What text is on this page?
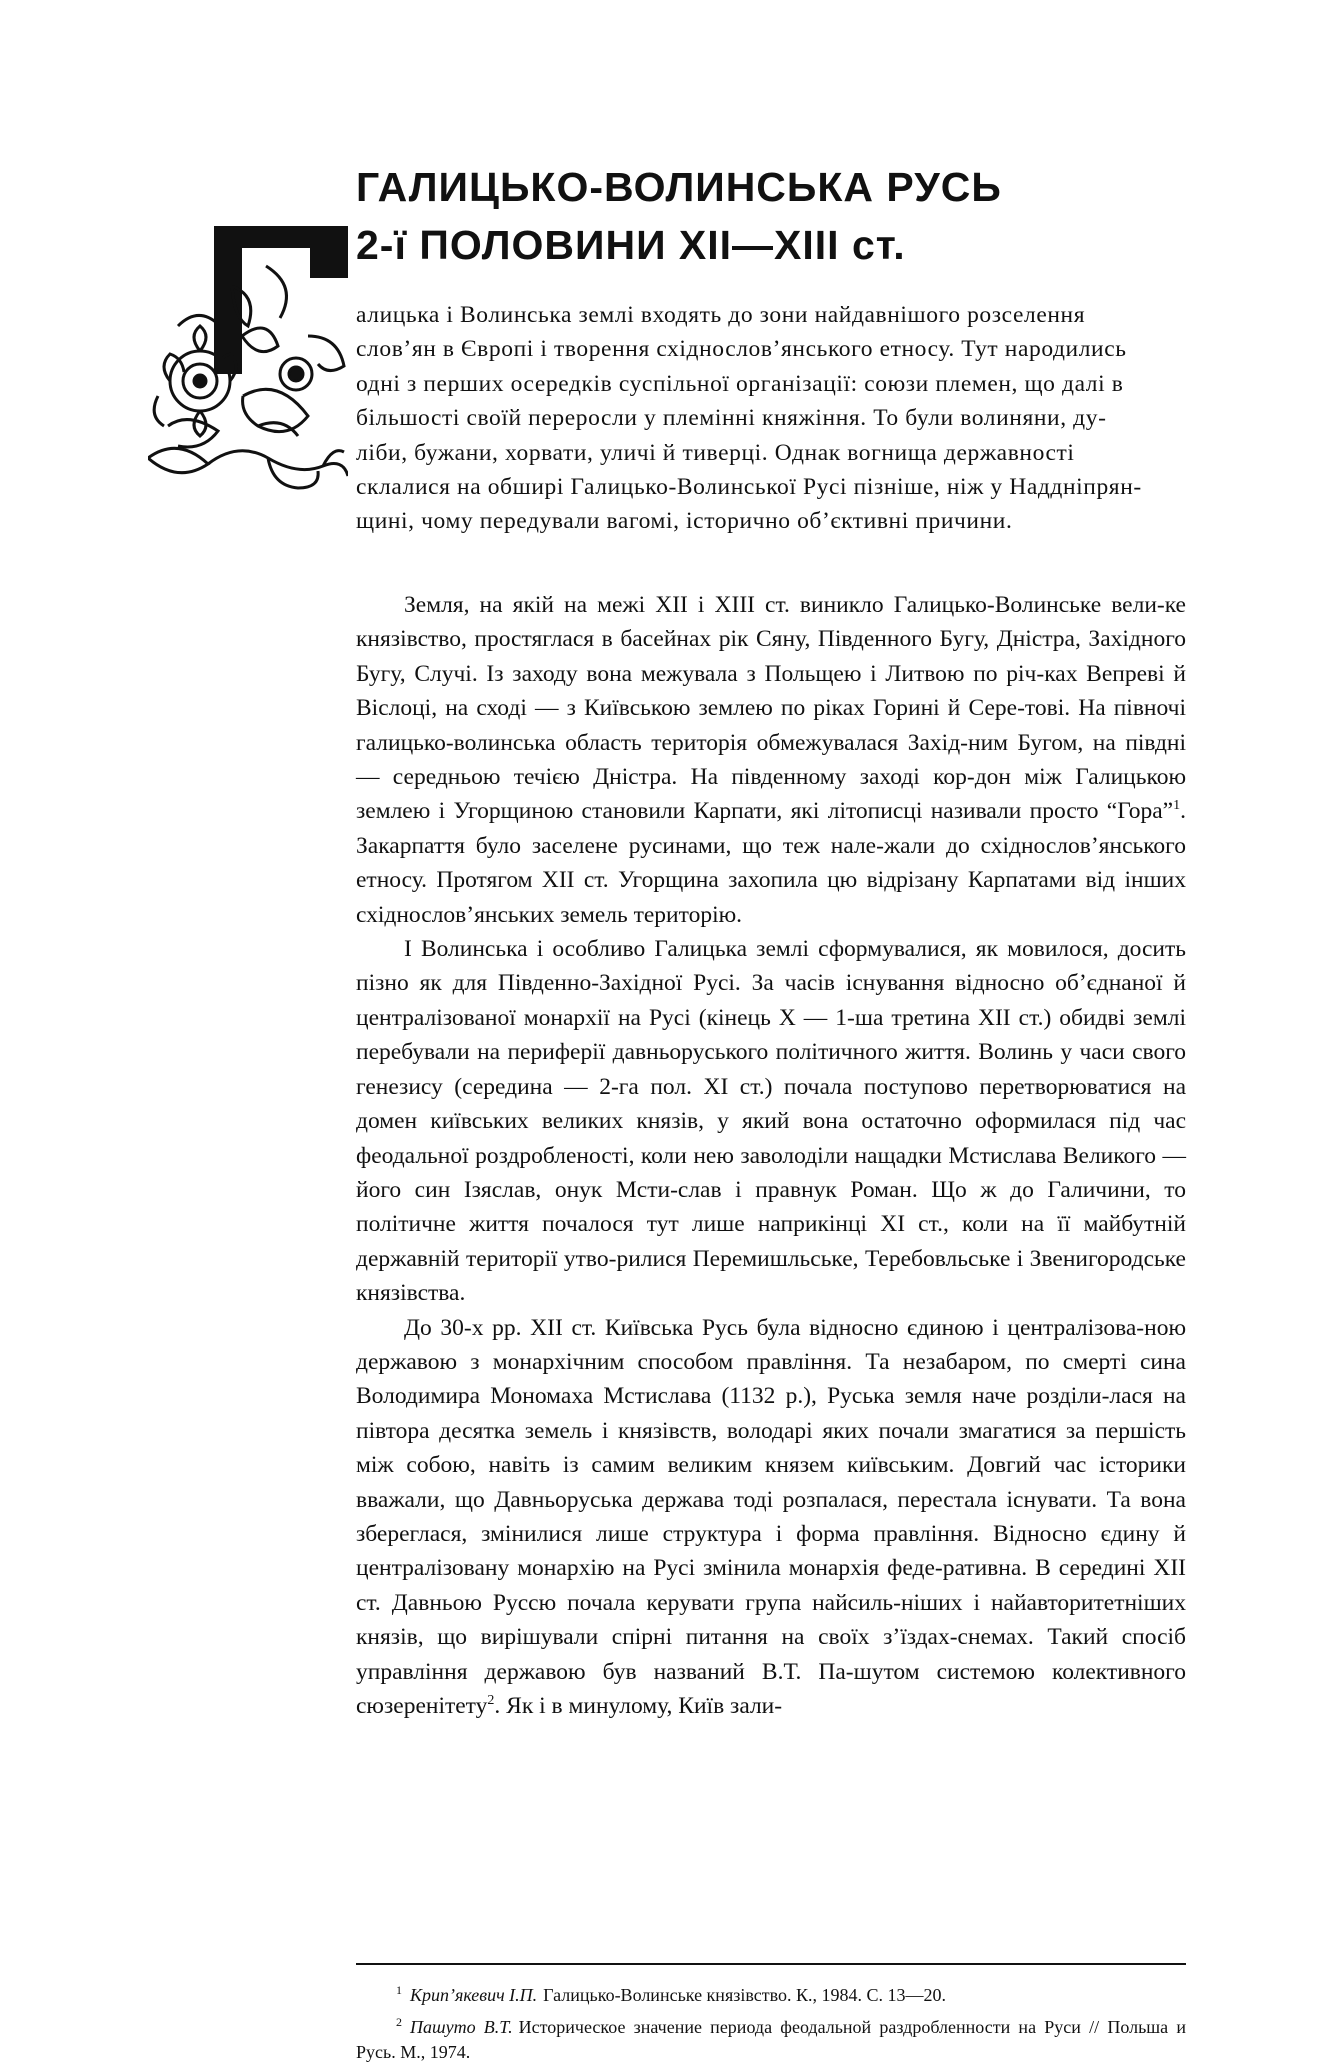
ГАЛИЦЬКО-ВОЛИНСЬКА РУСЬ
2-ї ПОЛОВИНИ XII—XIII ст.
алицька і Волинська землі входять до зони найдавнішого розселення
слов’ян в Європі і творення східнослов’янського етносу. Тут народились
одні з перших осередків суспільної організації: союзи племен, що далі в
більшості своїй переросли у племінні княжіння. То були волиняни, ду-
ліби, бужани, хорвати, уличі й тиверці. Однак вогнища державності
склалися на обширі Галицько-Волинської Русі пізніше, ніж у Наддніпрян-
щині, чому передували вагомі, історично об’єктивні причини.

Земля, на якій на межі XII і XIII ст. виникло Галицько-Волинське вели-ке князівство, простяглася в басейнах рік Сяну, Південного Бугу, Дністра, Західного Бугу, Случі. Із заходу вона межувала з Польщею і Литвою по річ-ках Вепреві й Віслоці, на сході — з Київською землею по ріках Горині й Сере-тові. На півночі галицько-волинська область територія обмежувалася Захід-ним Бугом, на півдні — середньою течією Дністра. На південному заході кор-дон між Галицькою землею і Угорщиною становили Карпати, які літописці називали просто “Гора”$^1$. Закарпаття було заселене русинами, що теж нале-жали до східнослов’янського етносу. Протягом XII ст. Угорщина захопила цю відрізану Карпатами від інших східнослов’янських земель територію.

І Волинська і особливо Галицька землі сформувалися, як мовилося, досить пізно як для Південно-Західної Русі. За часів існування відносно об’єднаної й централізованої монархії на Русі (кінець X — 1-ша третина XII ст.) обидві землі перебували на периферії давньоруського політичного життя. Волинь у часи свого генезису (середина — 2-га пол. XI ст.) почала поступово перетворюватися на домен київських великих князів, у який вона остаточно оформилася під час феодальної роздробленості, коли нею заволоділи нащадки Мстислава Великого — його син Ізяслав, онук Мсти-слав і правнук Роман. Що ж до Галичини, то політичне життя почалося тут лише наприкінці XI ст., коли на її майбутній державній території утво-рилися Перемишльське, Теребовльське і Звенигородське князівства.

До 30-х рр. XII ст. Київська Русь була відносно єдиною і централізова-ною державою з монархічним способом правління. Та незабаром, по смерті сина Володимира Мономаха Мстислава (1132 р.), Руська земля наче розділи-лася на півтора десятка земель і князівств, володарі яких почали змагатися за першість між собою, навіть із самим великим князем київським. Довгий час історики вважали, що Давньоруська держава тоді розпалася, перестала існувати. Та вона збереглася, змінилися лише структура і форма правління. Відносно єдину й централізовану монархію на Русі змінила монархія феде-ративна. В середині XII ст. Давньою Руссю почала керувати група найсиль-ніших і найавторитетніших князів, що вирішували спірні питання на своїх з’їздах-снемах. Такий спосіб управління державою був названий В.Т. Па-шутом системою колективного сюзеренітету$^2$. Як і в минулому, Київ зали-

$^1$ Крип’якевич І.П. Галицько-Волинське князівство. К., 1984. С. 13—20.

$^2$ Пашуто В.Т. Историческое значение периода феодальной раздробленности на Руси // Польша и Русь. М., 1974.
